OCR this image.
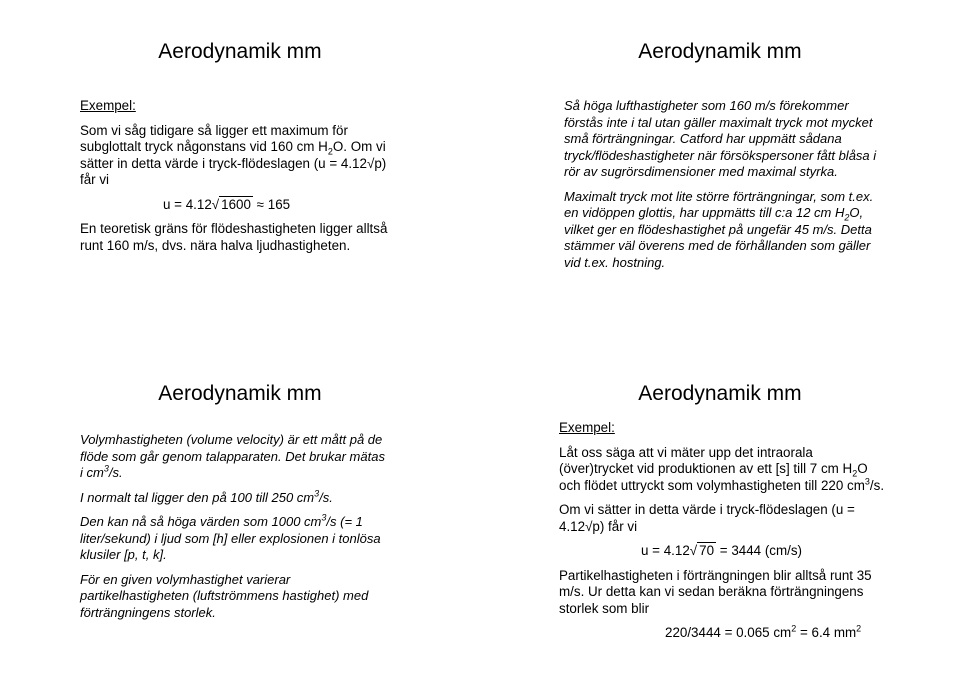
Aerodynamik mm

Exempel:

Som vi såg tidigare så ligger ett maximum för

subglottalt tryck någonstans vid 160 cm $H_2O$. Om vi

sätter in detta värde i tryck-flödeslagen (u = 4.12√p)

får vi

u = 4.12√ 1600 ≈ 165

En teoretisk gräns för flödeshastigheten ligger alltså

runt 160 m/s, dvs. nära halva ljudhastigheten.

Aerodynamik mm

Så höga lufthastigheter som 160 m/s förekommer

förstås inte i tal utan gäller maximalt tryck mot mycket

små förträngningar. Catford har uppmätt sådana

tryck/flödeshastigheter när försökspersoner fått blåsa i

rör av sugrörsdimensioner med maximal styrka.

Maximalt tryck mot lite större förträngningar, som t.ex.

en vidöppen glottis, har uppmätts till c:a 12 cm $H_2O$,

vilket ger en flödeshastighet på ungefär 45 m/s. Detta

stämmer väl överens med de förhållanden som gäller

vid t.ex. hostning.

Aerodynamik mm

Volymhastigheten (volume velocity) är ett mått på de

flöde som går genom talapparaten. Det brukar mätas

i $cm^3/s$.

I normalt tal ligger den på 100 till 250 $cm^3/s$.

Den kan nå så höga värden som 1000 $cm^3/s$ (= 1

liter/sekund) i ljud som [h] eller explosionen i tonlösa

klusiler [p, t, k].

För en given volymhastighet varierar

partikelhastigheten (luftströmmens hastighet) med

förträngningens storlek.

Aerodynamik mm

Exempel:

Låt oss säga att vi mäter upp det intraorala

(över)trycket vid produktionen av ett [s] till 7 cm $H_2O$

och flödet uttryckt som volymhastigheten till 220 $cm^3/s$.

Om vi sätter in detta värde i tryck-flödeslagen (u =

4.12√p) får vi

u = 4.12√ 70 = 3444 (cm/s)

Partikelhastigheten i förträngningen blir alltså runt 35

m/s. Ur detta kan vi sedan beräkna förträngningens

storlek som blir

220/3444 = 0.065 $cm^2 = 6.4$ $mm^2$
